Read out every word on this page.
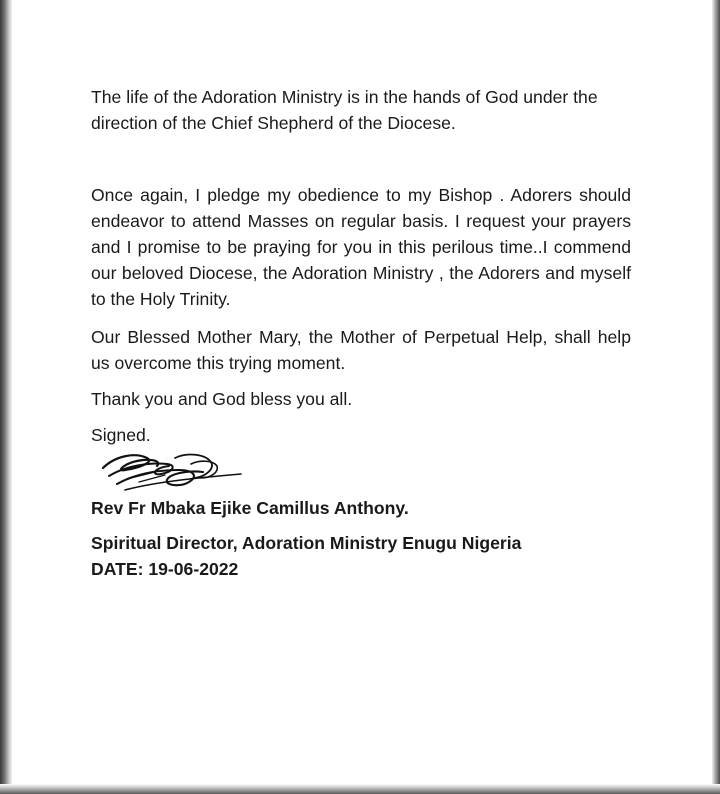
The life of the Adoration Ministry is in the hands of God under the direction of the Chief Shepherd of the Diocese.

Once again, I pledge my obedience to my Bishop . Adorers should endeavor to attend Masses on regular basis. I request your prayers and I promise to be praying for you in this perilous time..I commend our beloved Diocese, the Adoration Ministry , the Adorers and myself to the Holy Trinity.

Our Blessed Mother Mary, the Mother of Perpetual Help, shall help us overcome this trying moment.

Thank you and God bless you all.

Signed.

Rev Fr Mbaka Ejike Camillus Anthony.

Spiritual Director, Adoration Ministry Enugu Nigeria

DATE: 19-06-2022
